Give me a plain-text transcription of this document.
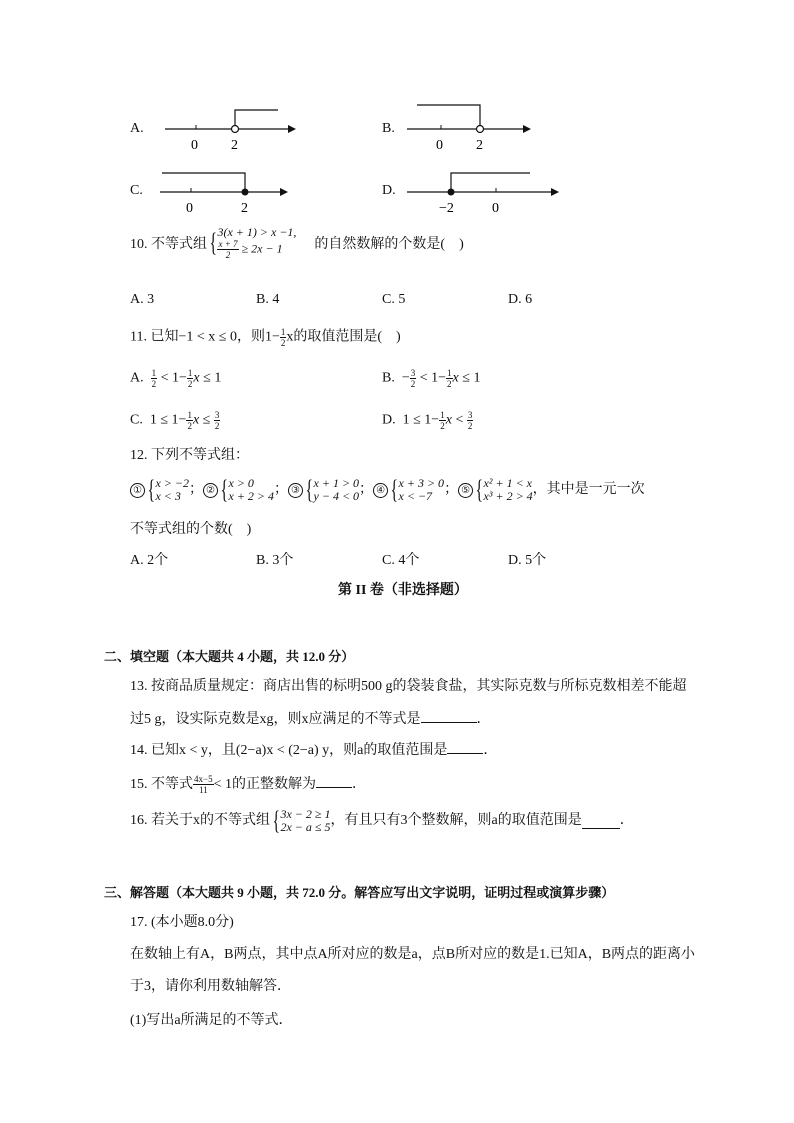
A.
0 2
B.
0 2
C.
0	2
D.
−2	0
10. 不等式组 { 3(x + 1) > x −1,
$\frac{x + 7}{2} \ge 2x - 1$	的自然数解的个数是(　)
A. 3	B. 4	C. 5	D. 6
11. 已知−1 < x ≤ 0，则$1- \frac{1}{2}$ x的取值范围是(　)
A. $\frac{1}{2} < 1- \frac{1}{2}$ x ≤ 1	B.  − $\frac{3}{2} < 1- \frac{1}{2}$ x ≤ 1
C.  $1 \le 1- \frac{1}{2}$ $x \le \frac{3}{2}$	D.  $1 \le 1- \frac{1}{2}$ $x < \frac{3}{2}$
12. 下列不等式组：
① { x > −2
x < 3 ； ② { x > 0
x + 2 > 4 ； ③ { x + 1 > 0
y − 4 < 0 ； ④ { x + 3 > 0
x < −7 ； ⑤ { x² + 1 < x
x³ + 2 > 4 ，其中是一元一次
不等式组的个数(　)
A. 2个	B. 3个	C. 4个	D. 5个
第 II 卷（非选择题）
二、填空题（本大题共 4 小题，共 12.0 分）
13. 按商品质量规定：商店出售的标明500 g的袋装食盐，其实际克数与所标克数相差不能超
过5 g，设实际克数是xg，则x应满足的不等式是	．
14. 已知x < y，且(2−a)x < (2−a) y，则a的取值范围是	．
15. 不等式 $\frac{4x-5}{11} < 1$的正整数解为	．
16. 若关于x的不等式组 { 3x − 2 ≥ 1
2x − a ≤ 5 ，有且只有3个整数解，则a的取值范围是	．
三、解答题（本大题共 9 小题，共 72.0 分。解答应写出文字说明，证明过程或演算步骤）
17. (本小题8.0分)
在数轴上有A，B两点，其中点A所对应的数是a，点B所对应的数是1.已知A，B两点的距离小
于3，请你利用数轴解答．
(1)写出a所满足的不等式．
